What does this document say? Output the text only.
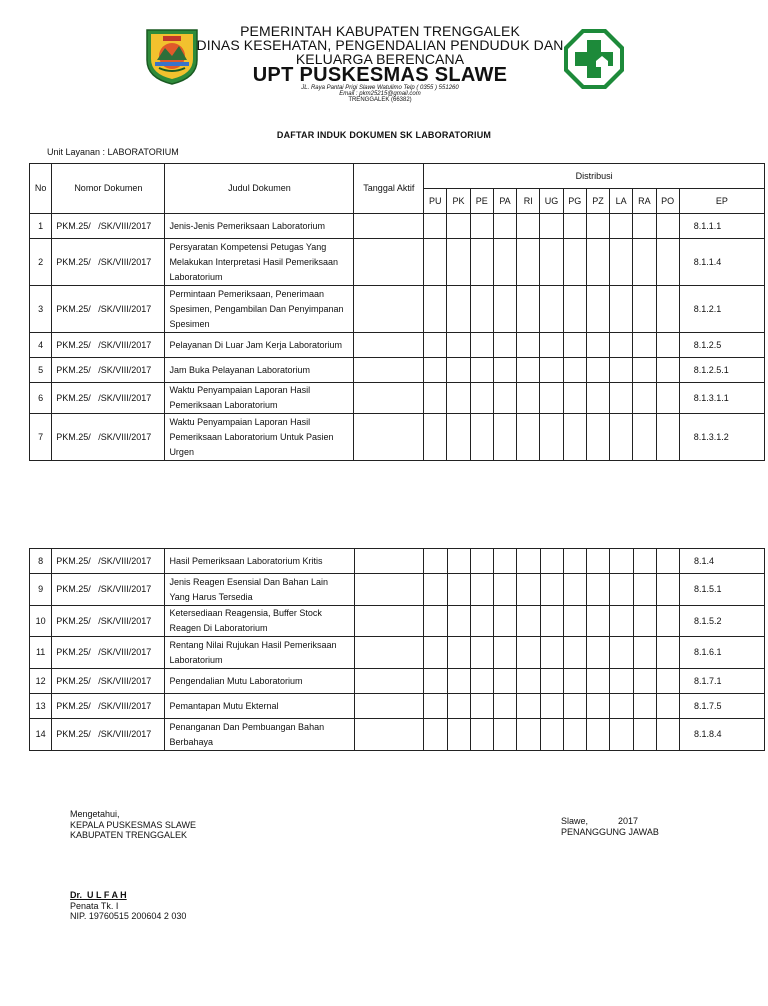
PEMERINTAH KABUPATEN TRENGGALEK
DINAS KESEHATAN, PENGENDALIAN PENDUDUK DAN
KELUARGA BERENCANA
UPT PUSKESMAS SLAWE
JL. Raya Pantai Prigi Slawe Watulimo Telp ( 0355 ) 551260
Email : pkm25215@gmail.com
TRENGGALEK (66382)
DAFTAR INDUK DOKUMEN SK LABORATORIUM
Unit Layanan : LABORATORIUM
No	Nomor Dokumen	Judul Dokumen	Tanggal Aktif	Distribusi											
				PU	PK	PE	PA	RI	UG	PG	PZ	LA	RA	PO	EP
1	PKM.25/   /SK/VIII/2017	Jenis-Jenis Pemeriksaan Laboratorium													8.1.1.1
2	PKM.25/   /SK/VIII/2017	Persyaratan Kompetensi Petugas Yang
Melakukan Interpretasi Hasil Pemeriksaan
Laboratorium													8.1.1.4
3	PKM.25/   /SK/VIII/2017	Permintaan Pemeriksaan, Penerimaan
Spesimen, Pengambilan Dan Penyimpanan
Spesimen													8.1.2.1
4	PKM.25/   /SK/VIII/2017	Pelayanan Di Luar Jam Kerja Laboratorium													8.1.2.5
5	PKM.25/   /SK/VIII/2017	Jam Buka Pelayanan Laboratorium													8.1.2.5.1
6	PKM.25/   /SK/VIII/2017	Waktu Penyampaian Laporan Hasil
Pemeriksaan Laboratorium													8.1.3.1.1
7	PKM.25/   /SK/VIII/2017	Waktu Penyampaian Laporan Hasil
Pemeriksaan Laboratorium Untuk Pasien
Urgen													8.1.3.1.2
8	PKM.25/   /SK/VIII/2017	Hasil Pemeriksaan Laboratorium Kritis													8.1.4
9	PKM.25/   /SK/VIII/2017	Jenis Reagen Esensial Dan Bahan Lain
Yang Harus Tersedia													8.1.5.1
10	PKM.25/   /SK/VIII/2017	Ketersediaan Reagensia, Buffer Stock
Reagen Di Laboratorium													8.1.5.2
11	PKM.25/   /SK/VIII/2017	Rentang Nilai Rujukan Hasil Pemeriksaan
Laboratorium													8.1.6.1
12	PKM.25/   /SK/VIII/2017	Pengendalian Mutu Laboratorium													8.1.7.1
13	PKM.25/   /SK/VIII/2017	Pemantapan Mutu Ekternal													8.1.7.5
14	PKM.25/   /SK/VIII/2017	Penanganan Dan Pembuangan Bahan
Berbahaya													8.1.8.4
Mengetahui,
KEPALA PUSKESMAS SLAWE
KABUPATEN TRENGGALEK
Slawe,            2017
PENANGGUNG JAWAB
Dr.  U L F A H
Penata Tk. I
NIP. 19760515 200604 2 030
